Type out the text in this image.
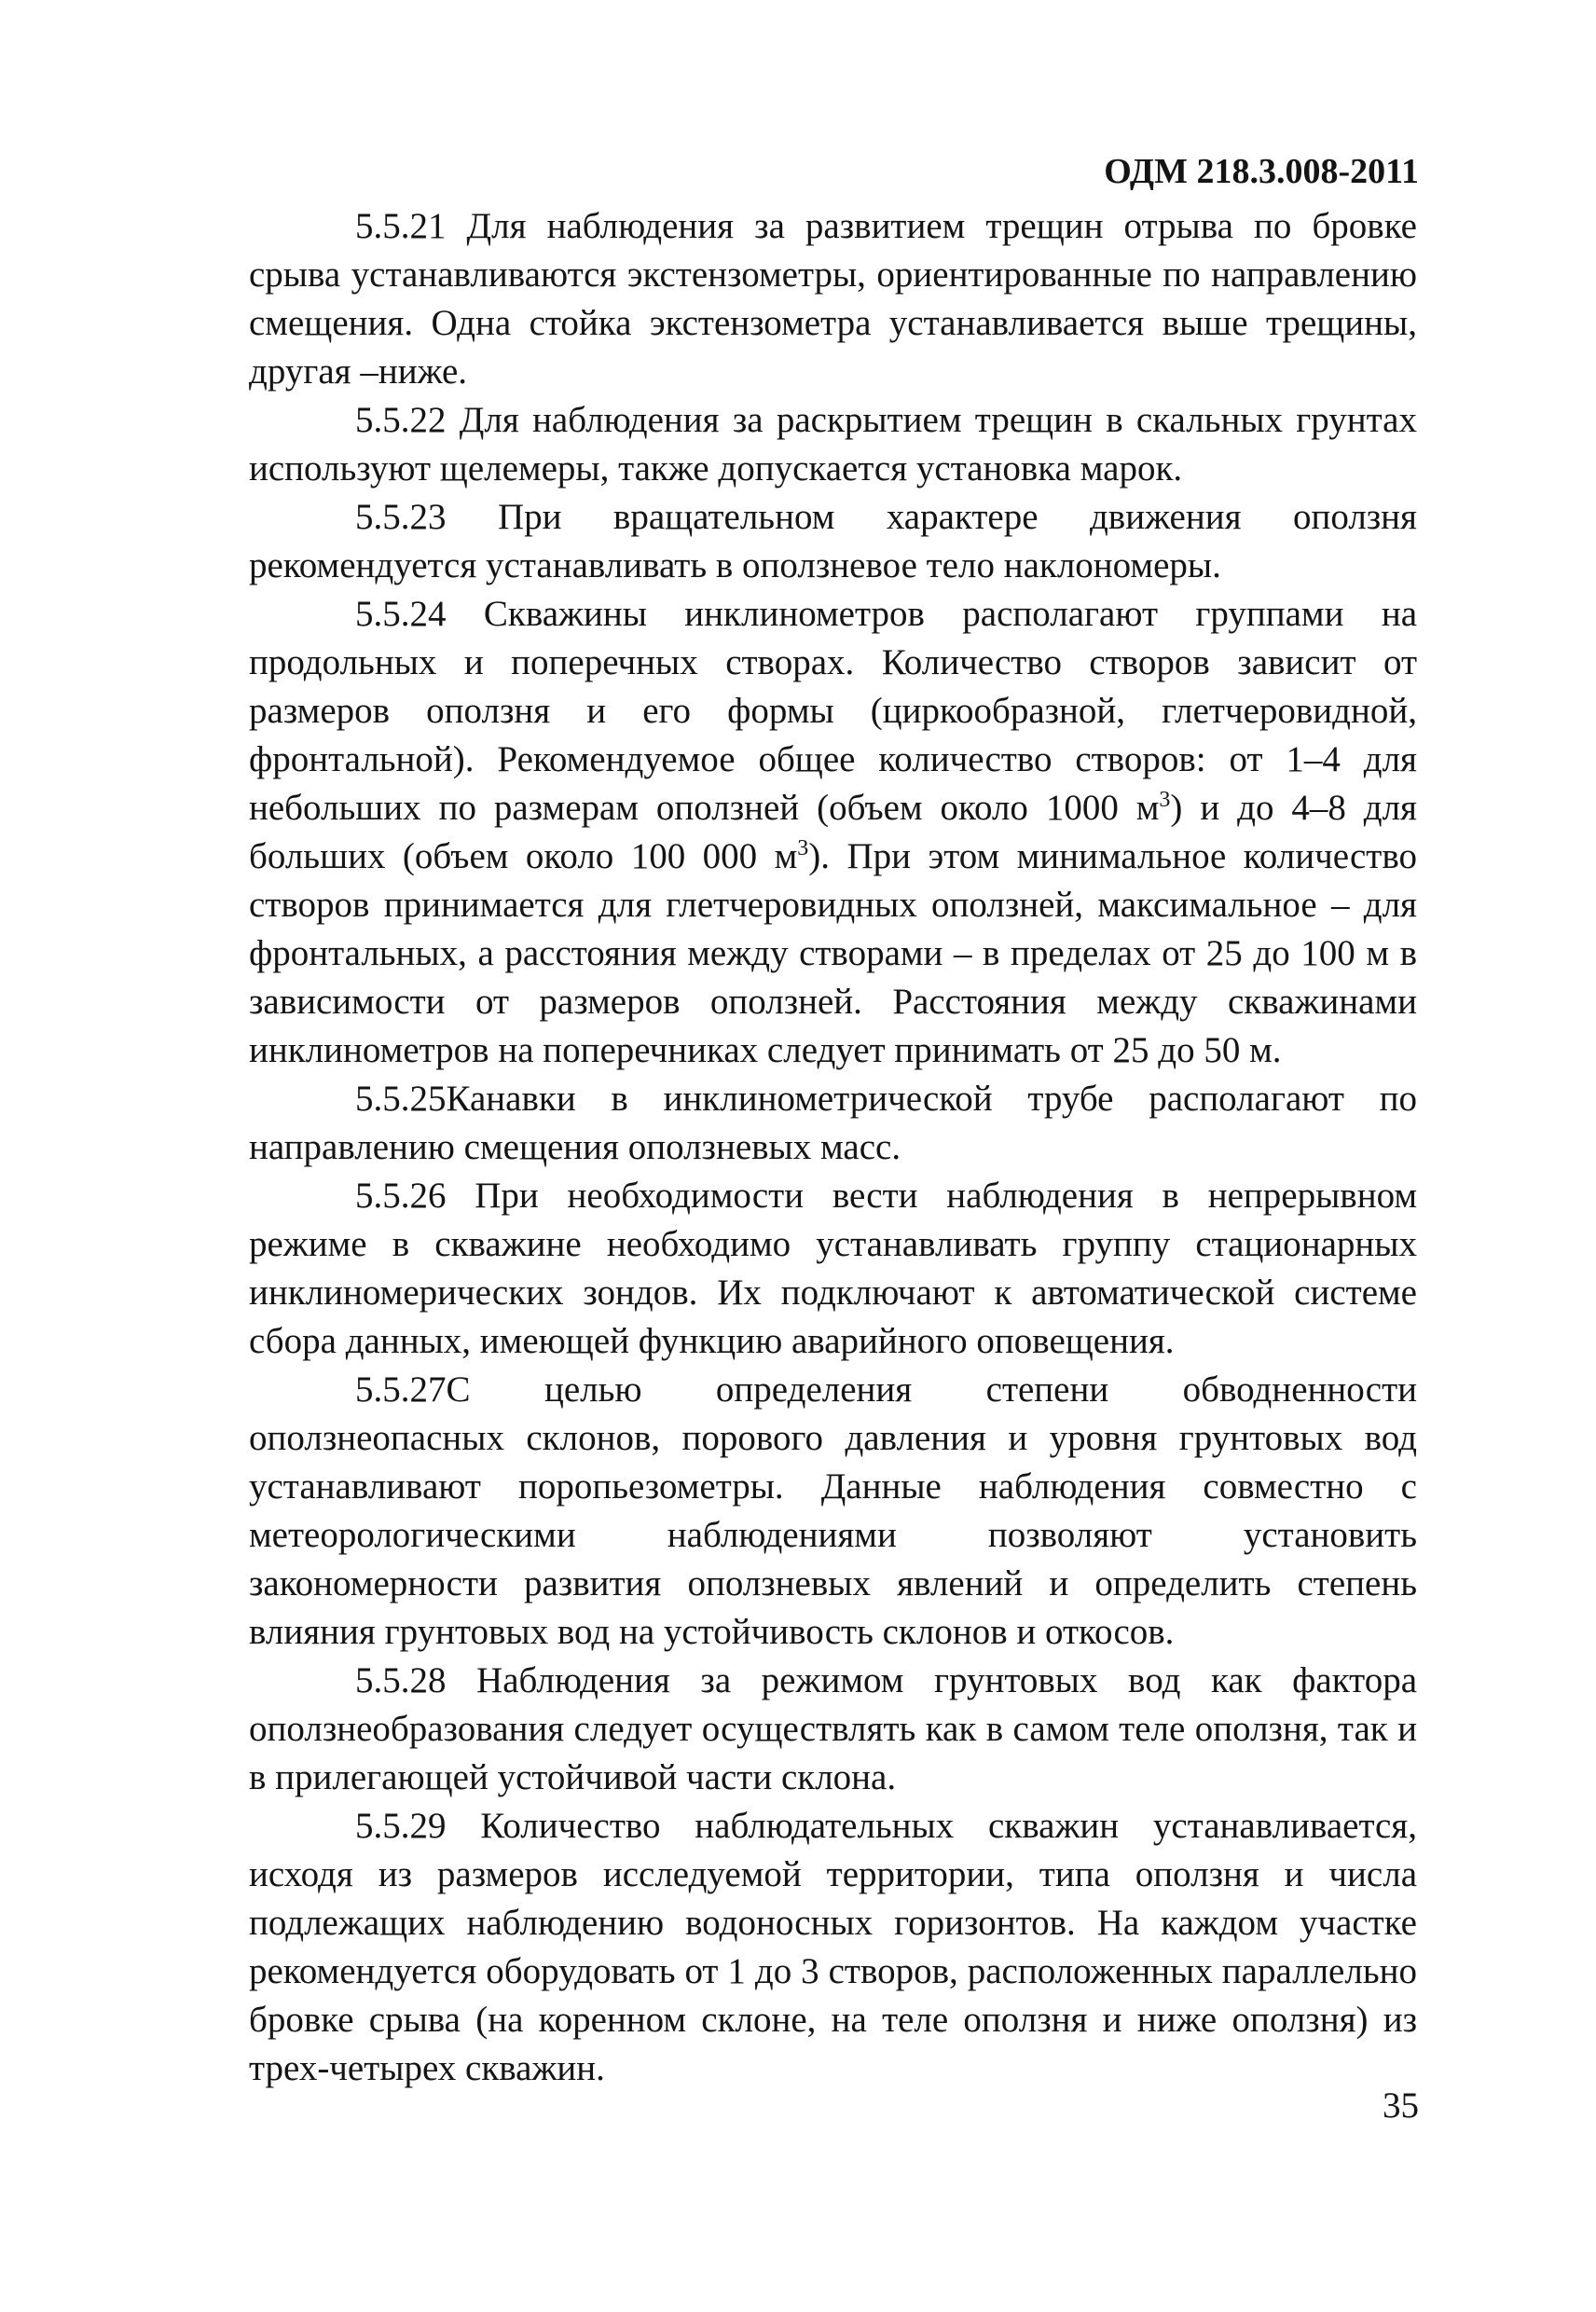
ОДМ 218.3.008-2011

5.5.21 Для наблюдения за развитием трещин отрыва по бровке срыва устанавливаются экстензометры, ориентированные по направлению смещения. Одна стойка экстензометра устанавливается выше трещины, другая –ниже.

5.5.22 Для наблюдения за раскрытием трещин в скальных грунтах используют щелемеры, также допускается установка марок.

5.5.23 При вращательном характере движения оползня рекомендуется устанавливать в оползневое тело наклономеры.

5.5.24 Скважины инклинометров располагают группами на продольных и поперечных створах. Количество створов зависит от размеров оползня и его формы (циркообразной, глетчеровидной, фронтальной). Рекомендуемое общее количество створов: от 1–4 для небольших по размерам оползней (объем около 1000 $м^3$) и до 4–8 для больших (объем около 100 000 $м^3$). При этом минимальное количество створов принимается для глетчеровидных оползней, максимальное – для фронтальных, а расстояния между створами – в пределах от 25 до 100 м в зависимости от размеров оползней. Расстояния между скважинами инклинометров на поперечниках следует принимать от 25 до 50 м.

5.5.25Канавки в инклинометрической трубе располагают по направлению смещения оползневых масс.

5.5.26 При необходимости вести наблюдения в непрерывном режиме в скважине необходимо устанавливать группу стационарных инклиномерических зондов. Их подключают к автоматической системе сбора данных, имеющей функцию аварийного оповещения.

5.5.27С целью определения степени обводненности оползнеопасных склонов, порового давления и уровня грунтовых вод устанавливают поропьезометры. Данные наблюдения совместно с метеорологическими наблюдениями позволяют установить закономерности развития оползневых явлений и определить степень влияния грунтовых вод на устойчивость склонов и откосов.

5.5.28 Наблюдения за режимом грунтовых вод как фактора оползнеобразования следует осуществлять как в самом теле оползня, так и в прилегающей устойчивой части склона.

5.5.29 Количество наблюдательных скважин устанавливается, исходя из размеров исследуемой территории, типа оползня и числа подлежащих наблюдению водоносных горизонтов. На каждом участке рекомендуется оборудовать от 1 до 3 створов, расположенных параллельно бровке срыва (на коренном склоне, на теле оползня и ниже оползня) из трех-четырех скважин.

35
